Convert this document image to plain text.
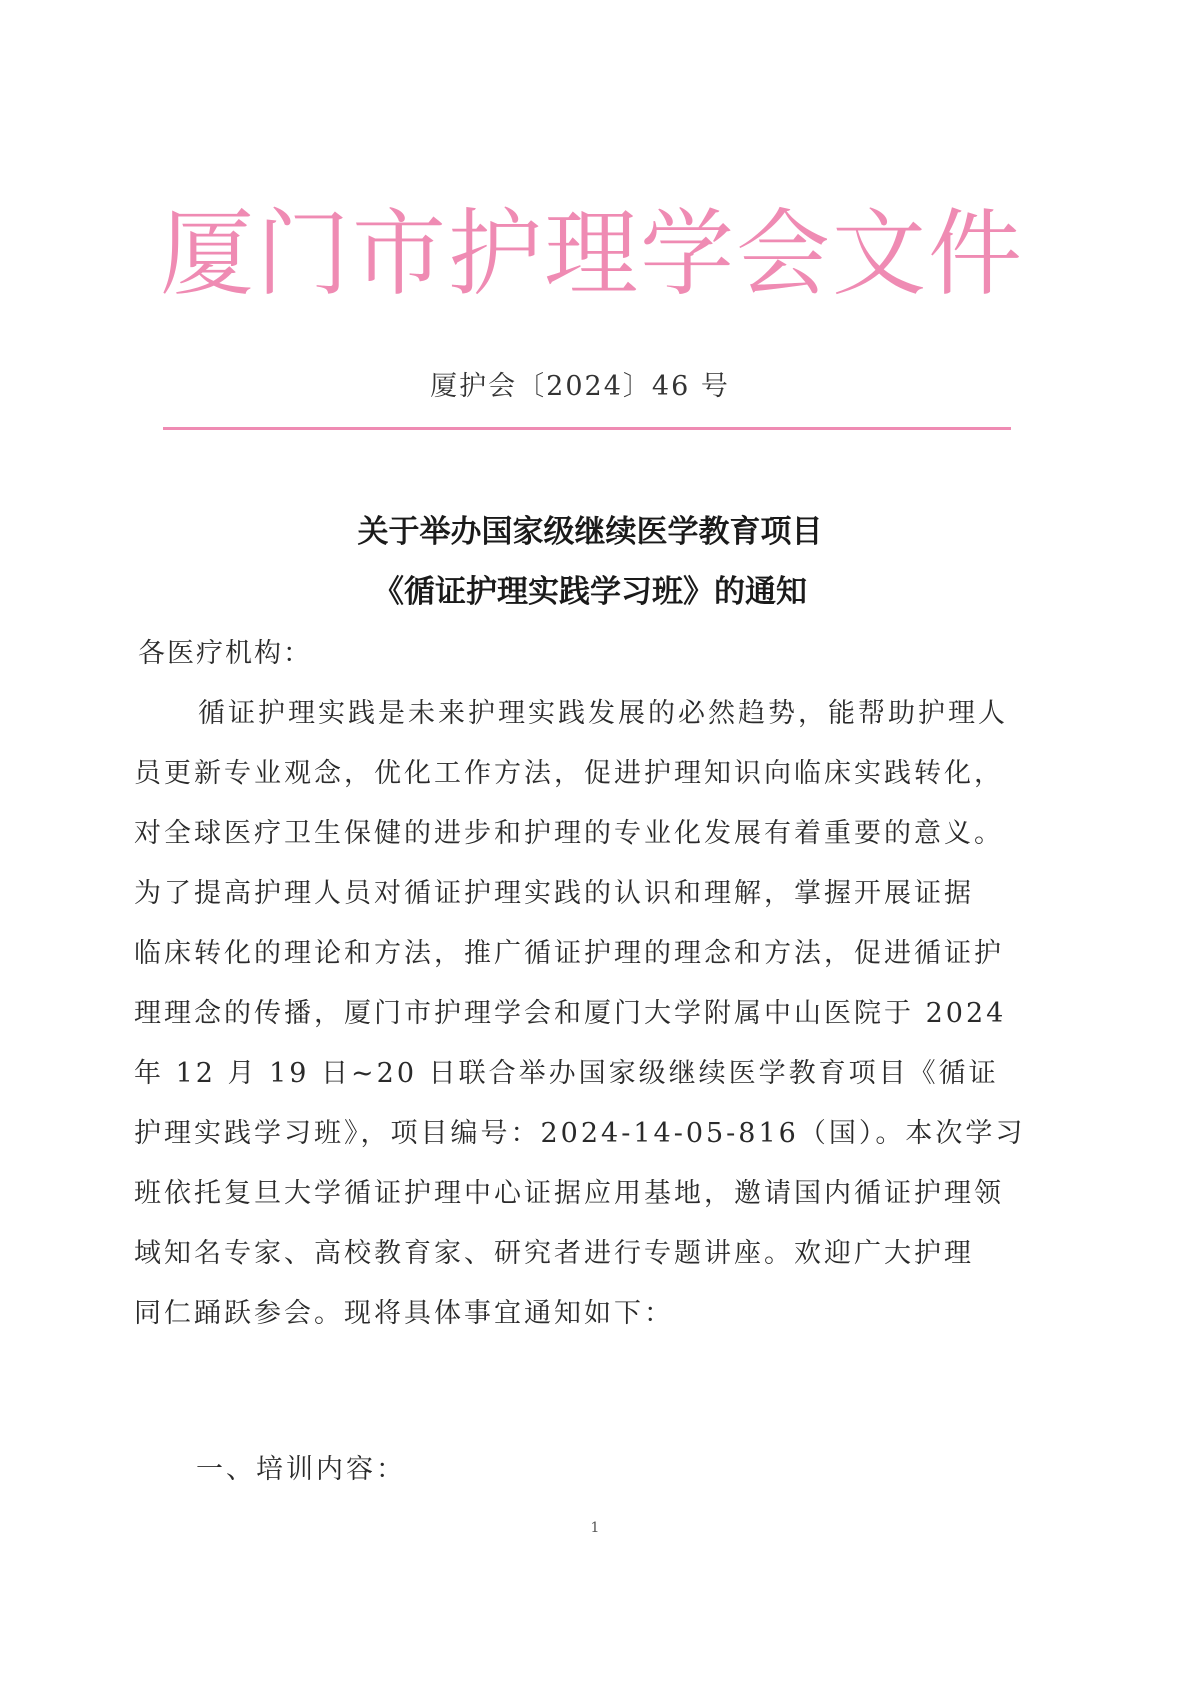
厦门市护理学会文件
厦护会〔2024〕46 号
关于举办国家级继续医学教育项目
《循证护理实践学习班》的通知
各医疗机构：
循证护理实践是未来护理实践发展的必然趋势，能帮助护理人
员更新专业观念，优化工作方法，促进护理知识向临床实践转化，
对全球医疗卫生保健的进步和护理的专业化发展有着重要的意义。
为了提高护理人员对循证护理实践的认识和理解，掌握开展证据
临床转化的理论和方法，推广循证护理的理念和方法，促进循证护
理理念的传播，厦门市护理学会和厦门大学附属中山医院于 2024
年 12 月 19 日~20 日联合举办国家级继续医学教育项目《循证
护理实践学习班》，项目编号：2024-14-05-816（国）。本次学习
班依托复旦大学循证护理中心证据应用基地，邀请国内循证护理领
域知名专家、高校教育家、研究者进行专题讲座。欢迎广大护理
同仁踊跃参会。现将具体事宜通知如下：
一、培训内容：
1
